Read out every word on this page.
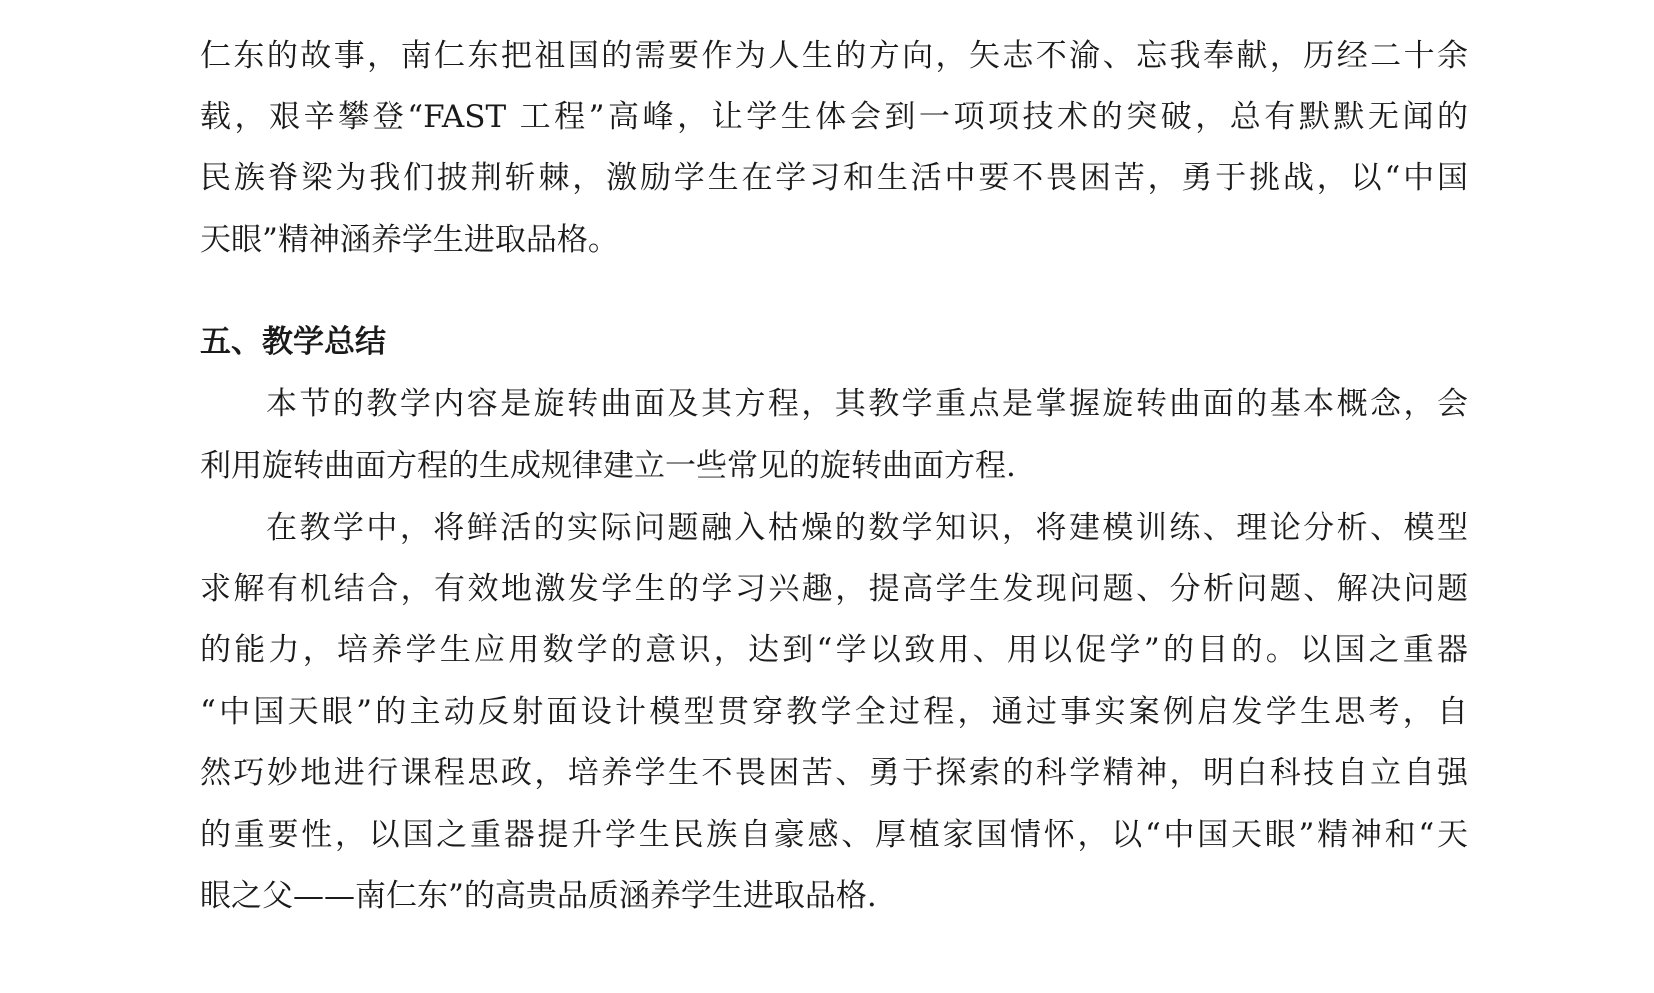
仁东的故事，南仁东把祖国的需要作为人生的方向，矢志不渝、忘我奉献，历经二十余
载，艰辛攀登“FAST 工程”高峰，让学生体会到一项项技术的突破，总有默默无闻的
民族脊梁为我们披荆斩棘，激励学生在学习和生活中要不畏困苦，勇于挑战，以“中国
天眼”精神涵养学生进取品格。
五、教学总结
本节的教学内容是旋转曲面及其方程，其教学重点是掌握旋转曲面的基本概念，会
利用旋转曲面方程的生成规律建立一些常见的旋转曲面方程.
在教学中，将鲜活的实际问题融入枯燥的数学知识，将建模训练、理论分析、模型
求解有机结合，有效地激发学生的学习兴趣，提高学生发现问题、分析问题、解决问题
的能力，培养学生应用数学的意识，达到“学以致用、用以促学”的目的。以国之重器
“中国天眼”的主动反射面设计模型贯穿教学全过程，通过事实案例启发学生思考，自
然巧妙地进行课程思政，培养学生不畏困苦、勇于探索的科学精神，明白科技自立自强
的重要性，以国之重器提升学生民族自豪感、厚植家国情怀，以“中国天眼”精神和“天
眼之父——南仁东”的高贵品质涵养学生进取品格.
